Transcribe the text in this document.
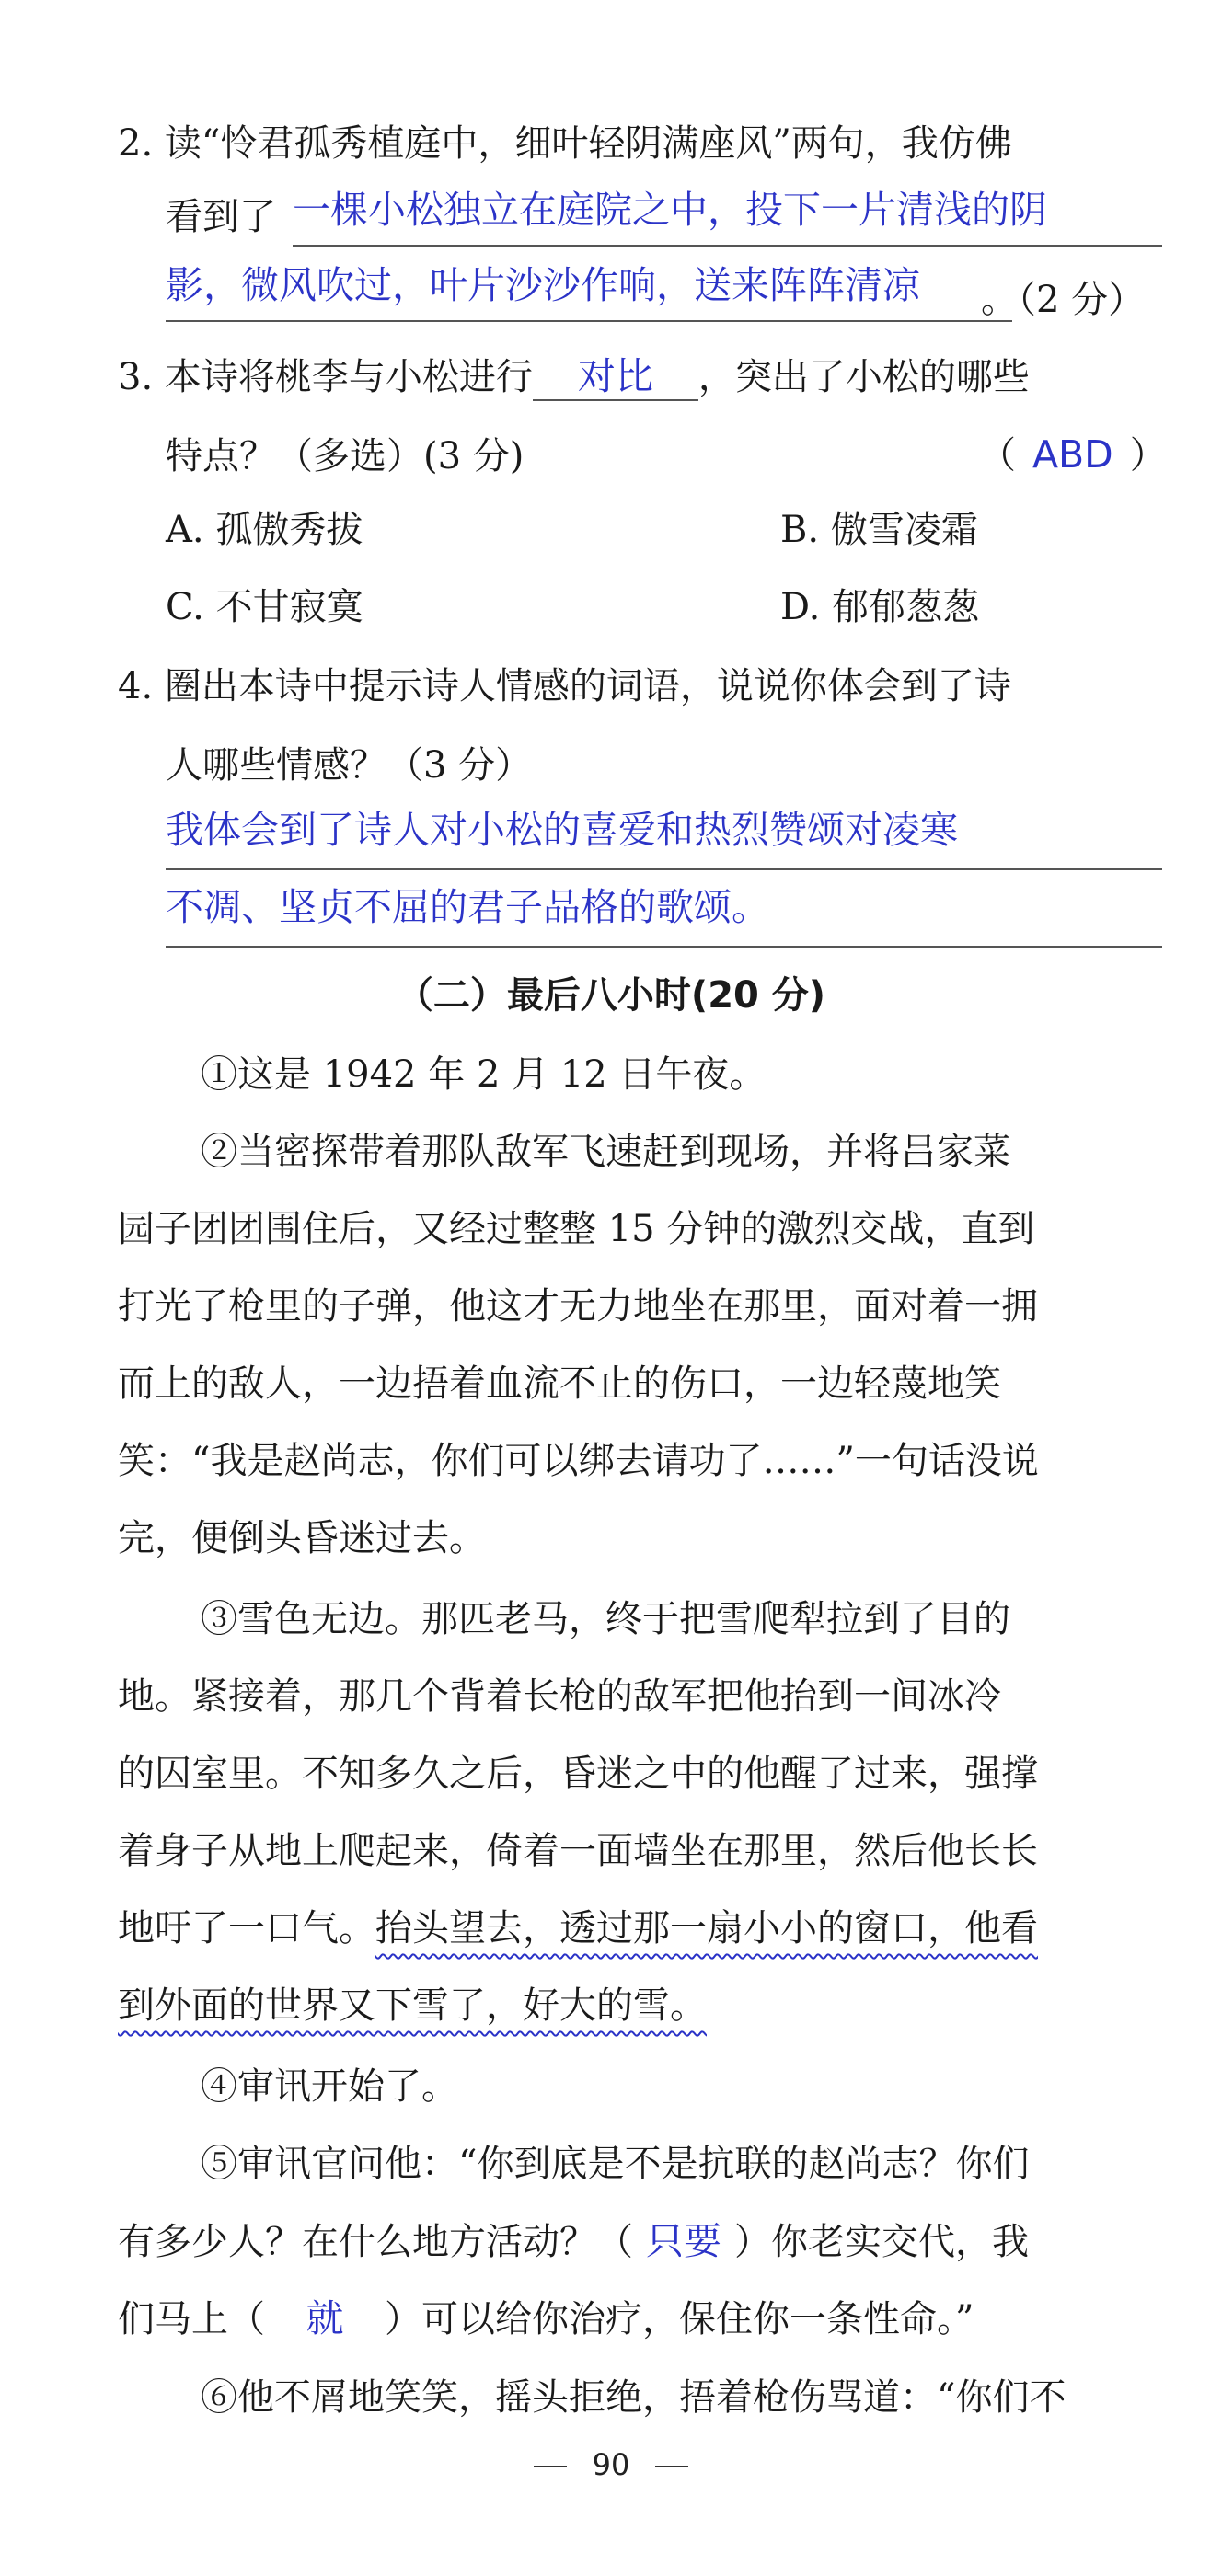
2. 读“怜君孤秀植庭中，细叶轻阴满座风”两句，我仿佛
看到了 一棵小松独立在庭院之中，投下一片清浅的阴
影，微风吹过，叶片沙沙作响，送来阵阵清凉 。（2 分）
3. 本诗将桃李与小松进行 对比 ，突出了小松的哪些
特点？（多选）(3 分)	（ ABD ）
A. 孤傲秀拔	B. 傲雪凌霜
C. 不甘寂寞	D. 郁郁葱葱
4. 圈出本诗中提示诗人情感的词语，说说你体会到了诗
人哪些情感？（3 分）
我体会到了诗人对小松的喜爱和热烈赞颂对凌寒
不凋、坚贞不屈的君子品格的歌颂。
（二）最后八小时(20 分)
①这是 1942 年 2 月 12 日午夜。
②当密探带着那队敌军飞速赶到现场，并将吕家菜
园子团团围住后，又经过整整 15 分钟的激烈交战，直到
打光了枪里的子弹，他这才无力地坐在那里，面对着一拥
而上的敌人，一边捂着血流不止的伤口，一边轻蔑地笑
笑：“我是赵尚志，你们可以绑去请功了……”一句话没说
完，便倒头昏迷过去。
③雪色无边。那匹老马，终于把雪爬犁拉到了目的
地。紧接着，那几个背着长枪的敌军把他抬到一间冰冷
的囚室里。不知多久之后，昏迷之中的他醒了过来，强撑
着身子从地上爬起来，倚着一面墙坐在那里，然后他长长
地吁了一口气。抬头望去，透过那一扇小小的窗口，他看
到外面的世界又下雪了，好大的雪。
④审讯开始了。
⑤审讯官问他：“你到底是不是抗联的赵尚志？你们
有多少人？在什么地方活动？（ 只要 ）你老实交代，我
们马上（ 就 ）可以给你治疗，保住你一条性命。”
⑥他不屑地笑笑，摇头拒绝，捂着枪伤骂道：“你们不
90
